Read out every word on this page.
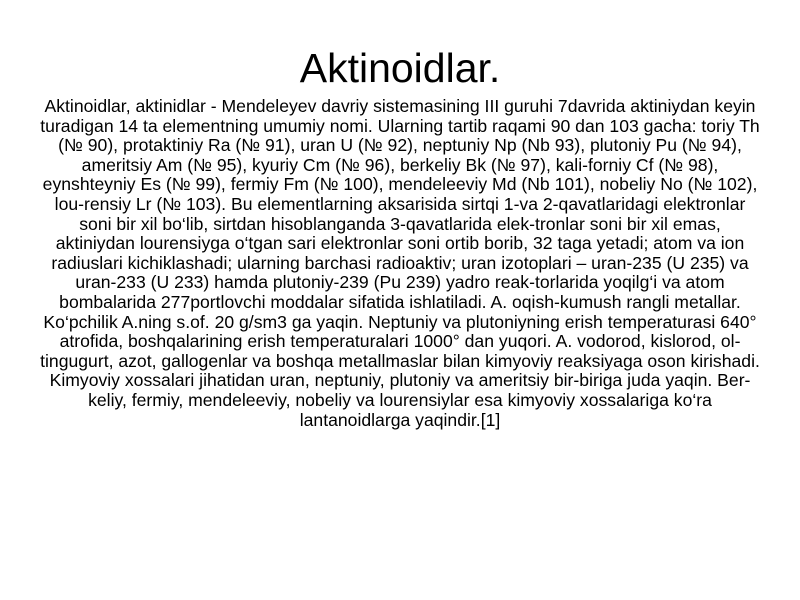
Aktinoidlar.

Aktinoidlar, aktinidlar - Mendeleyev davriy sistemasining III guruhi 7davrida aktiniydan keyin turadigan 14 ta elementning umumiy nomi. Ularning tartib raqami 90 dan 103 gacha: toriy Th (№ 90), protaktiniy Ra (№ 91), uran U (№ 92), neptuniy Np (Nb 93), plutoniy Pu (№ 94), ameritsiy Am (№ 95), kyuriy Cm (№ 96), berkeliy Bk (№ 97), kali-forniy Cf (№ 98), eynshteyniy Es (№ 99), fermiy Fm (№ 100), mendeleeviy Md (Nb 101), nobeliy No (№ 102), lou-rensiy Lr (№ 103). Bu elementlarning aksarisida sirtqi 1-va 2-qavatlaridagi elektronlar soni bir xil bo‘lib, sirtdan hisoblanganda 3-qavatlarida elek-tronlar soni bir xil emas, aktiniydan lourensiyga o‘tgan sari elektronlar soni ortib borib, 32 taga yetadi; atom va ion radiuslari kichiklashadi; ularning barchasi radioaktiv; uran izotoplari – uran-235 (U 235) va uran-233 (U 233) hamda plutoniy-239 (Pu 239) yadro reak-torlarida yoqilg‘i va atom bombalarida 277portlovchi moddalar sifatida ishlatiladi. A. oqish-kumush rangli metallar. Ko‘pchilik A.ning s.of. 20 g/sm3 ga yaqin. Neptuniy va plutoniyning erish temperaturasi 640° atrofida, boshqalarining erish temperaturalari 1000° dan yuqori. A. vodorod, kislorod, ol-tingugurt, azot, gallogenlar va boshqa metallmaslar bilan kimyoviy reaksiyaga oson kirishadi. Kimyoviy xossalari jihatidan uran, neptuniy, plutoniy va ameritsiy bir-biriga juda yaqin. Ber-keliy, fermiy, mendeleeviy, nobeliy va lourensiylar esa kimyoviy xossalariga ko‘ra lantanoidlarga yaqindir.[1]
